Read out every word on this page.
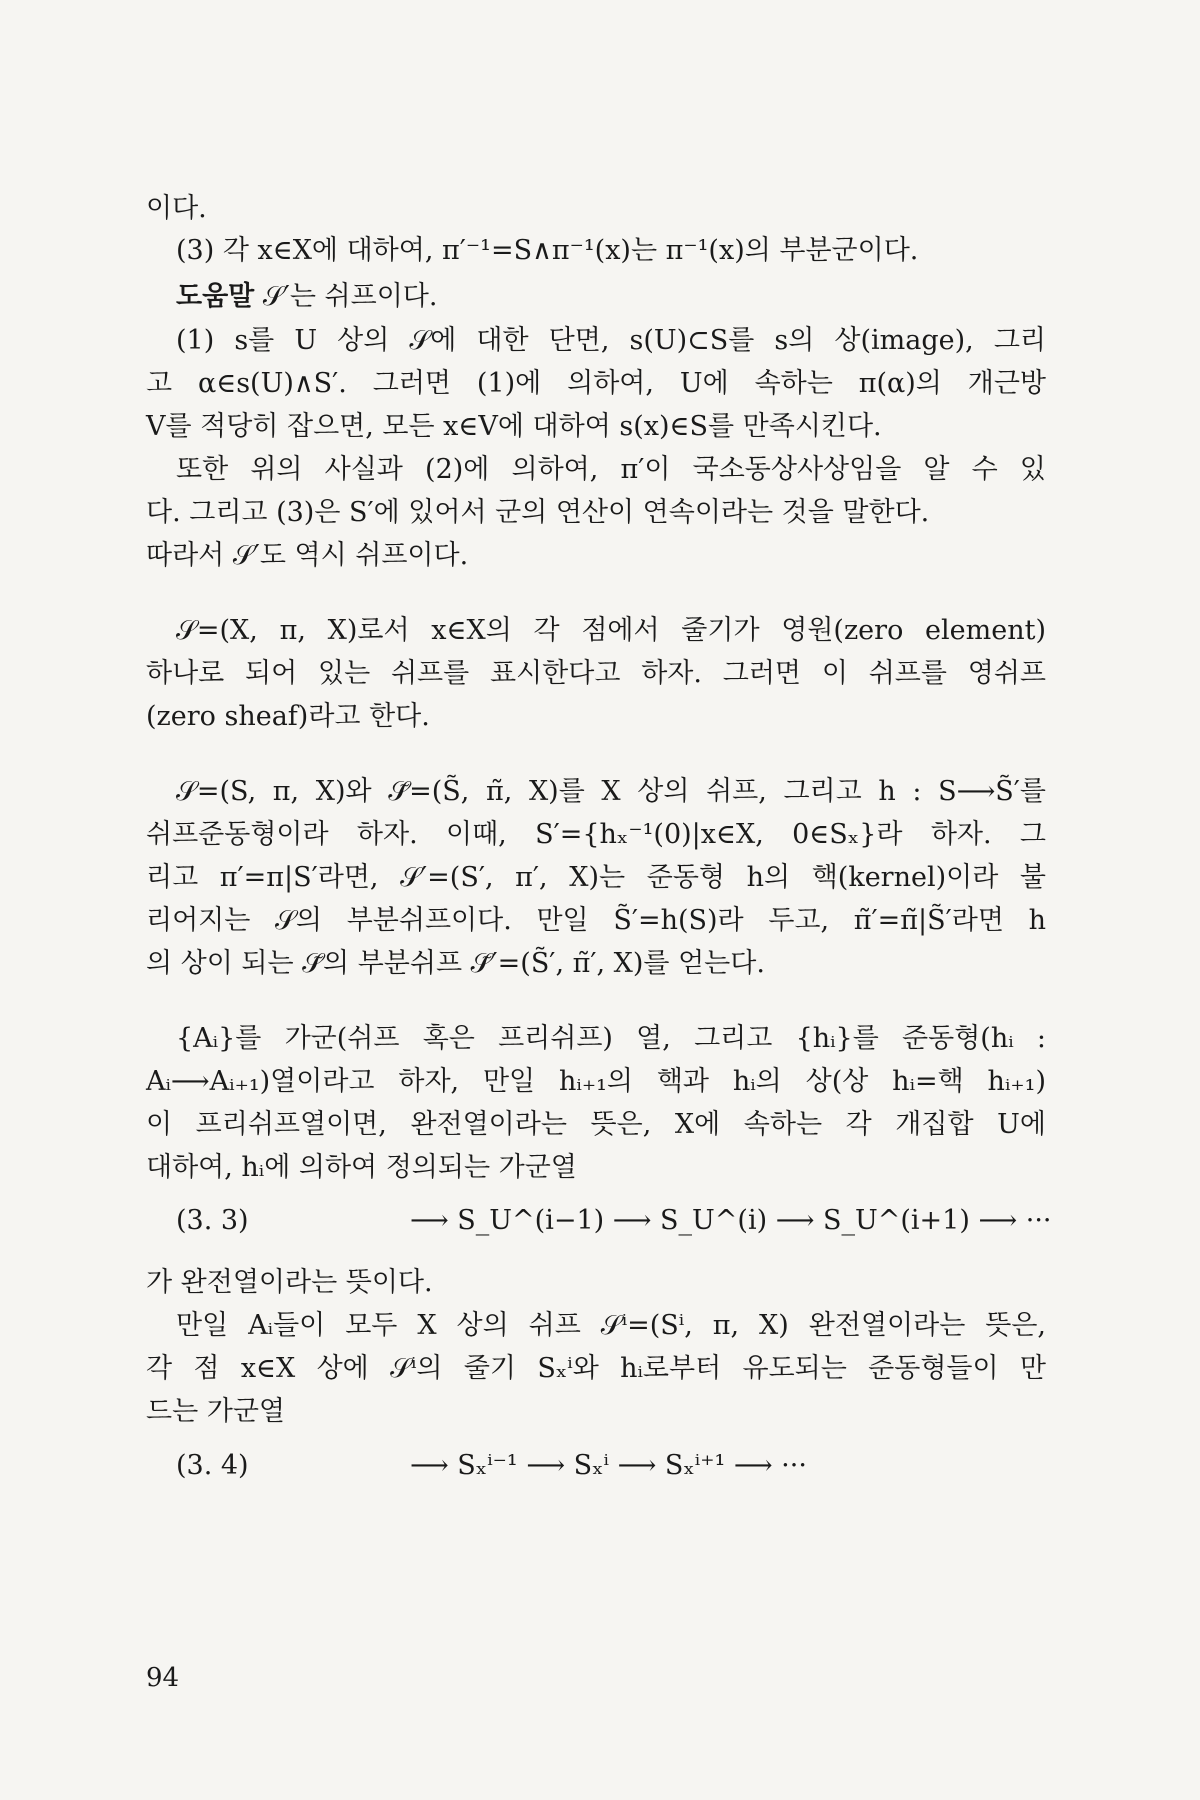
이다.
(3) 각 x∈X에 대하여, π′⁻¹=S∧π⁻¹(x)는 π⁻¹(x)의 부분군이다.
도움말 𝒮′는 쉬프이다.
(1) s를 U 상의 𝒮에 대한 단면, s(U)⊂S를 s의 상(image), 그리
고 α∈s(U)∧S′. 그러면 (1)에 의하여, U에 속하는 π(α)의 개근방
V를 적당히 잡으면, 모든 x∈V에 대하여 s(x)∈S를 만족시킨다.
또한 위의 사실과 (2)에 의하여, π′이 국소동상사상임을 알 수 있
다. 그리고 (3)은 S′에 있어서 군의 연산이 연속이라는 것을 말한다.
따라서 𝒮′도 역시 쉬프이다.
𝒮=(X, π, X)로서 x∈X의 각 점에서 줄기가 영원(zero element)
하나로 되어 있는 쉬프를 표시한다고 하자. 그러면 이 쉬프를 영쉬프
(zero sheaf)라고 한다.
𝒮=(S, π, X)와 𝒮̃=(S̃, π̃, X)를 X 상의 쉬프, 그리고 h : S⟶S̃′를
쉬프준동형이라 하자. 이때, S′={hₓ⁻¹(0)|x∈X, 0∈Sₓ}라 하자. 그
리고 π′=π|S′라면, 𝒮′=(S′, π′, X)는 준동형 h의 핵(kernel)이라 불
리어지는 𝒮의 부분쉬프이다. 만일 S̃′=h(S)라 두고, π̃′=π̃|S̃′라면 h
의 상이 되는 𝒮̃의 부분쉬프 𝒮̃′=(S̃′, π̃′, X)를 얻는다.
{Aᵢ}를 가군(쉬프 혹은 프리쉬프) 열, 그리고 {hᵢ}를 준동형(hᵢ :
Aᵢ⟶Aᵢ₊₁)열이라고 하자, 만일 hᵢ₊₁의 핵과 hᵢ의 상(상 hᵢ=핵 hᵢ₊₁)
이 프리쉬프열이면, 완전열이라는 뜻은, X에 속하는 각 개집합 U에
대하여, hᵢ에 의하여 정의되는 가군열
(3. 3)	⟶ S_U^(i−1) ⟶ S_U^(i) ⟶ S_U^(i+1) ⟶ ···
가 완전열이라는 뜻이다.
만일 Aᵢ들이 모두 X 상의 쉬프 𝒮ⁱ=(Sⁱ, π, X) 완전열이라는 뜻은,
각 점 x∈X 상에 𝒮ⁱ의 줄기 Sₓⁱ와 hᵢ로부터 유도되는 준동형들이 만
드는 가군열
(3. 4)	⟶ Sₓⁱ⁻¹ ⟶ Sₓⁱ ⟶ Sₓⁱ⁺¹ ⟶ ···
94
